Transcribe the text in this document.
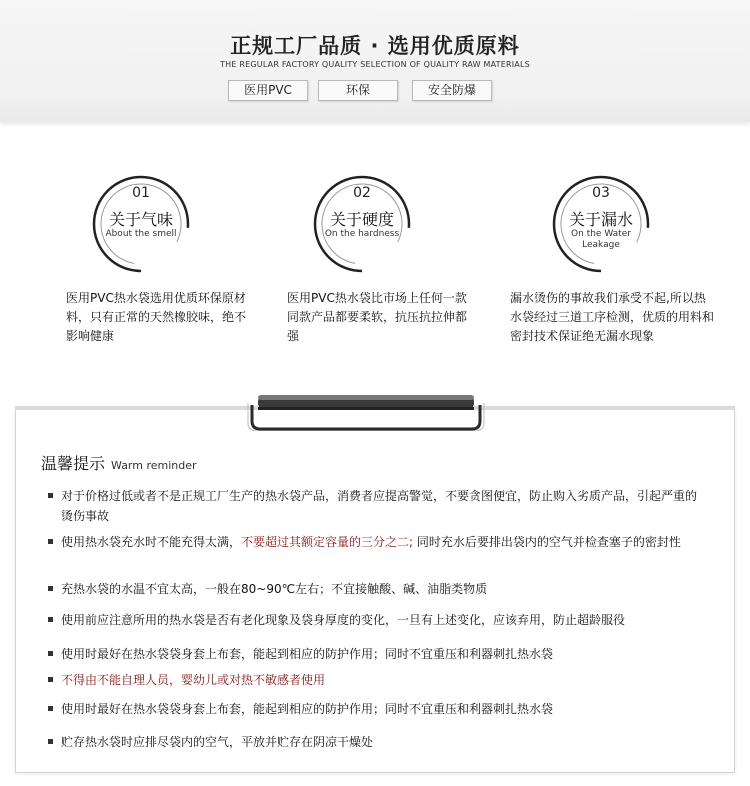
正规工厂品质 · 选用优质原料
THE REGULAR FACTORY QUALITY SELECTION OF QUALITY RAW MATERIALS
医用PVC	环保	安全防爆
01
关于气味
About the smell
医用PVC热水袋选用优质环保原材料，只有正常的天然橡胶味，绝不影响健康
02
关于硬度
On the hardness
医用PVC热水袋比市场上任何一款同款产品都要柔软，抗压抗拉伸都强
03
关于漏水
On the Water Leakage
漏水烫伤的事故我们承受不起,所以热水袋经过三道工序检测，优质的用料和密封技术保证绝无漏水现象
温馨提示 Warm reminder
对于价格过低或者不是正规工厂生产的热水袋产品，消费者应提高警觉，不要贪图便宜，防止购入劣质产品，引起严重的烫伤事故
使用热水袋充水时不能充得太满，不要超过其额定容量的三分之二; 同时充水后要排出袋内的空气并检查塞子的密封性
充热水袋的水温不宜太高，一般在80~90℃左右；不宜接触酸、碱、油脂类物质
使用前应注意所用的热水袋是否有老化现象及袋身厚度的变化，一旦有上述变化，应该弃用，防止超龄服役
使用时最好在热水袋袋身套上布套，能起到相应的防护作用；同时不宜重压和利器刺扎热水袋
不得由不能自理人员，婴幼儿或对热不敏感者使用
使用时最好在热水袋袋身套上布套，能起到相应的防护作用；同时不宜重压和利器刺扎热水袋
贮存热水袋时应排尽袋内的空气，平放并贮存在阴凉干燥处
